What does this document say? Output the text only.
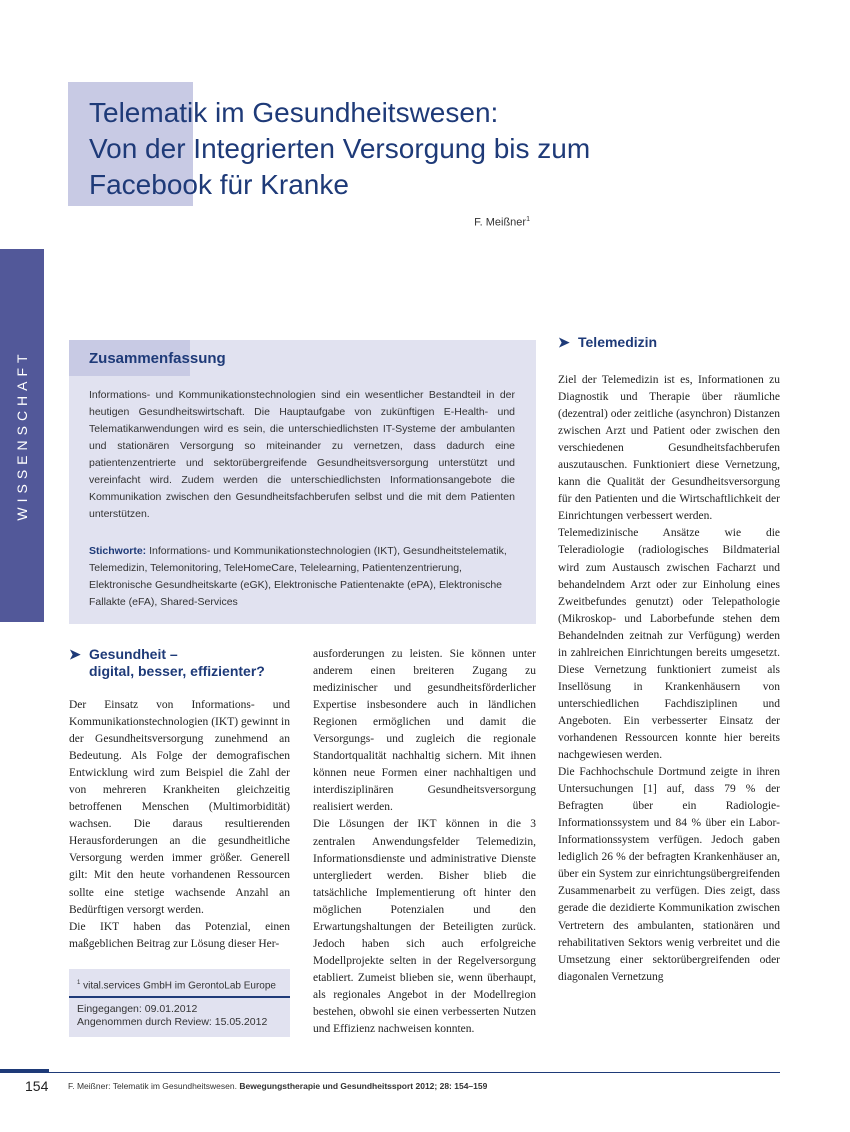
Telematik im Gesundheitswesen:
Von der Integrierten Versorgung bis zum
Facebook für Kranke
F. Meißner$^1$
WISSENSCHAFT	Zusammenfassung

Informations- und Kommunikationstechnologien sind ein wesentlicher Bestandteil in der heutigen Gesundheitswirtschaft. Die Hauptaufgabe von zukünftigen E-Health- und Telematikanwendungen wird es sein, die unterschiedlichsten IT-Systeme der ambulanten und stationären Versorgung so miteinander zu vernetzen, dass dadurch eine patientenzentrierte und sektorübergreifende Gesundheitsversorgung unterstützt und vereinfacht wird. Zudem werden die unterschiedlichsten Informationsangebote die Kommunikation zwischen den Gesundheitsfachberufen selbst und die mit dem Patienten unterstützen.

Stichworte: Informations- und Kommunikationstechnologien (IKT), Gesundheitstelematik, Telemedizin, Telemonitoring, TeleHomeCare, Telelearning, Patientenzentrierung, Elektronische Gesundheitskarte (eGK), Elektronische Patientenakte (ePA), Elektronische Fallakte (eFA), Shared-Services

➤ Gesundheit –
digital, besser, effizienter?

Der Einsatz von Informations- und Kommunikationstechnologien (IKT) gewinnt in der Gesundheitsversorgung zunehmend an Bedeutung. Als Folge der demografischen Entwicklung wird zum Beispiel die Zahl der von mehreren Krankheiten gleichzeitig betroffenen Menschen (Multimorbidität) wachsen. Die daraus resultierenden Herausforderungen an die gesundheitliche Versorgung werden immer größer. Generell gilt: Mit den heute vorhandenen Ressourcen sollte eine stetige wachsende Anzahl an Bedürftigen versorgt werden.

Die IKT haben das Potenzial, einen maßgeblichen Beitrag zur Lösung dieser Her-

ausforderungen zu leisten. Sie können unter anderem einen breiteren Zugang zu medizinischer und gesundheitsförderlicher Expertise insbesondere auch in ländlichen Regionen ermöglichen und damit die Versorgungs- und zugleich die regionale Standortqualität nachhaltig sichern. Mit ihnen können neue Formen einer nachhaltigen und interdisziplinären Gesundheitsversorgung realisiert werden.

Die Lösungen der IKT können in die 3 zentralen Anwendungsfelder Telemedizin, Informationsdienste und administrative Dienste untergliedert werden. Bisher blieb die tatsächliche Implementierung oft hinter den möglichen Potenzialen und den Erwartungshaltungen der Beteiligten zurück. Jedoch haben sich auch erfolgreiche Modellprojekte selten in der Regelversorgung etabliert. Zumeist blieben sie, wenn überhaupt, als regionales Angebot in der Modellregion bestehen, obwohl sie einen verbesserten Nutzen und Effizienz nachweisen konnten.

➤ Telemedizin

Ziel der Telemedizin ist es, Informationen zu Diagnostik und Therapie über räumliche (dezentral) oder zeitliche (asynchron) Distanzen zwischen Arzt und Patient oder zwischen den verschiedenen Gesundheitsfachberufen auszutauschen. Funktioniert diese Vernetzung, kann die Qualität der Gesundheitsversorgung für den Patienten und die Wirtschaftlichkeit der Einrichtungen verbessert werden.

Telemedizinische Ansätze wie die Teleradiologie (radiologisches Bildmaterial wird zum Austausch zwischen Facharzt und behandelndem Arzt oder zur Einholung eines Zweitbefundes genutzt) oder Telepathologie (Mikroskop- und Laborbefunde stehen dem Behandelnden zeitnah zur Verfügung) werden in zahlreichen Einrichtungen bereits umgesetzt. Diese Vernetzung funktioniert zumeist als Insellösung in Krankenhäusern von unterschiedlichen Fachdisziplinen und Angeboten. Ein verbesserter Einsatz der vorhandenen Ressourcen konnte hier bereits nachgewiesen werden.

Die Fachhochschule Dortmund zeigte in ihren Untersuchungen [1] auf, dass 79 % der Befragten über ein Radiologie-Informationssystem und 84 % über ein Labor-Informationssystem verfügen. Jedoch gaben lediglich 26 % der befragten Krankenhäuser an, über ein System zur einrichtungsübergreifenden Zusammenarbeit zu verfügen. Dies zeigt, dass gerade die dezidierte Kommunikation zwischen Vertretern des ambulanten, stationären und rehabilitativen Sektors wenig verbreitet und die Umsetzung einer sektorübergreifenden oder diagonalen Vernetzung

$^1$ vital.services GmbH im GerontoLab Europe
Eingegangen: 09.01.2012
Angenommen durch Review: 15.05.2012
154 F. Meißner: Telematik im Gesundheitswesen. Bewegungstherapie und Gesundheitssport 2012; 28: 154–159
